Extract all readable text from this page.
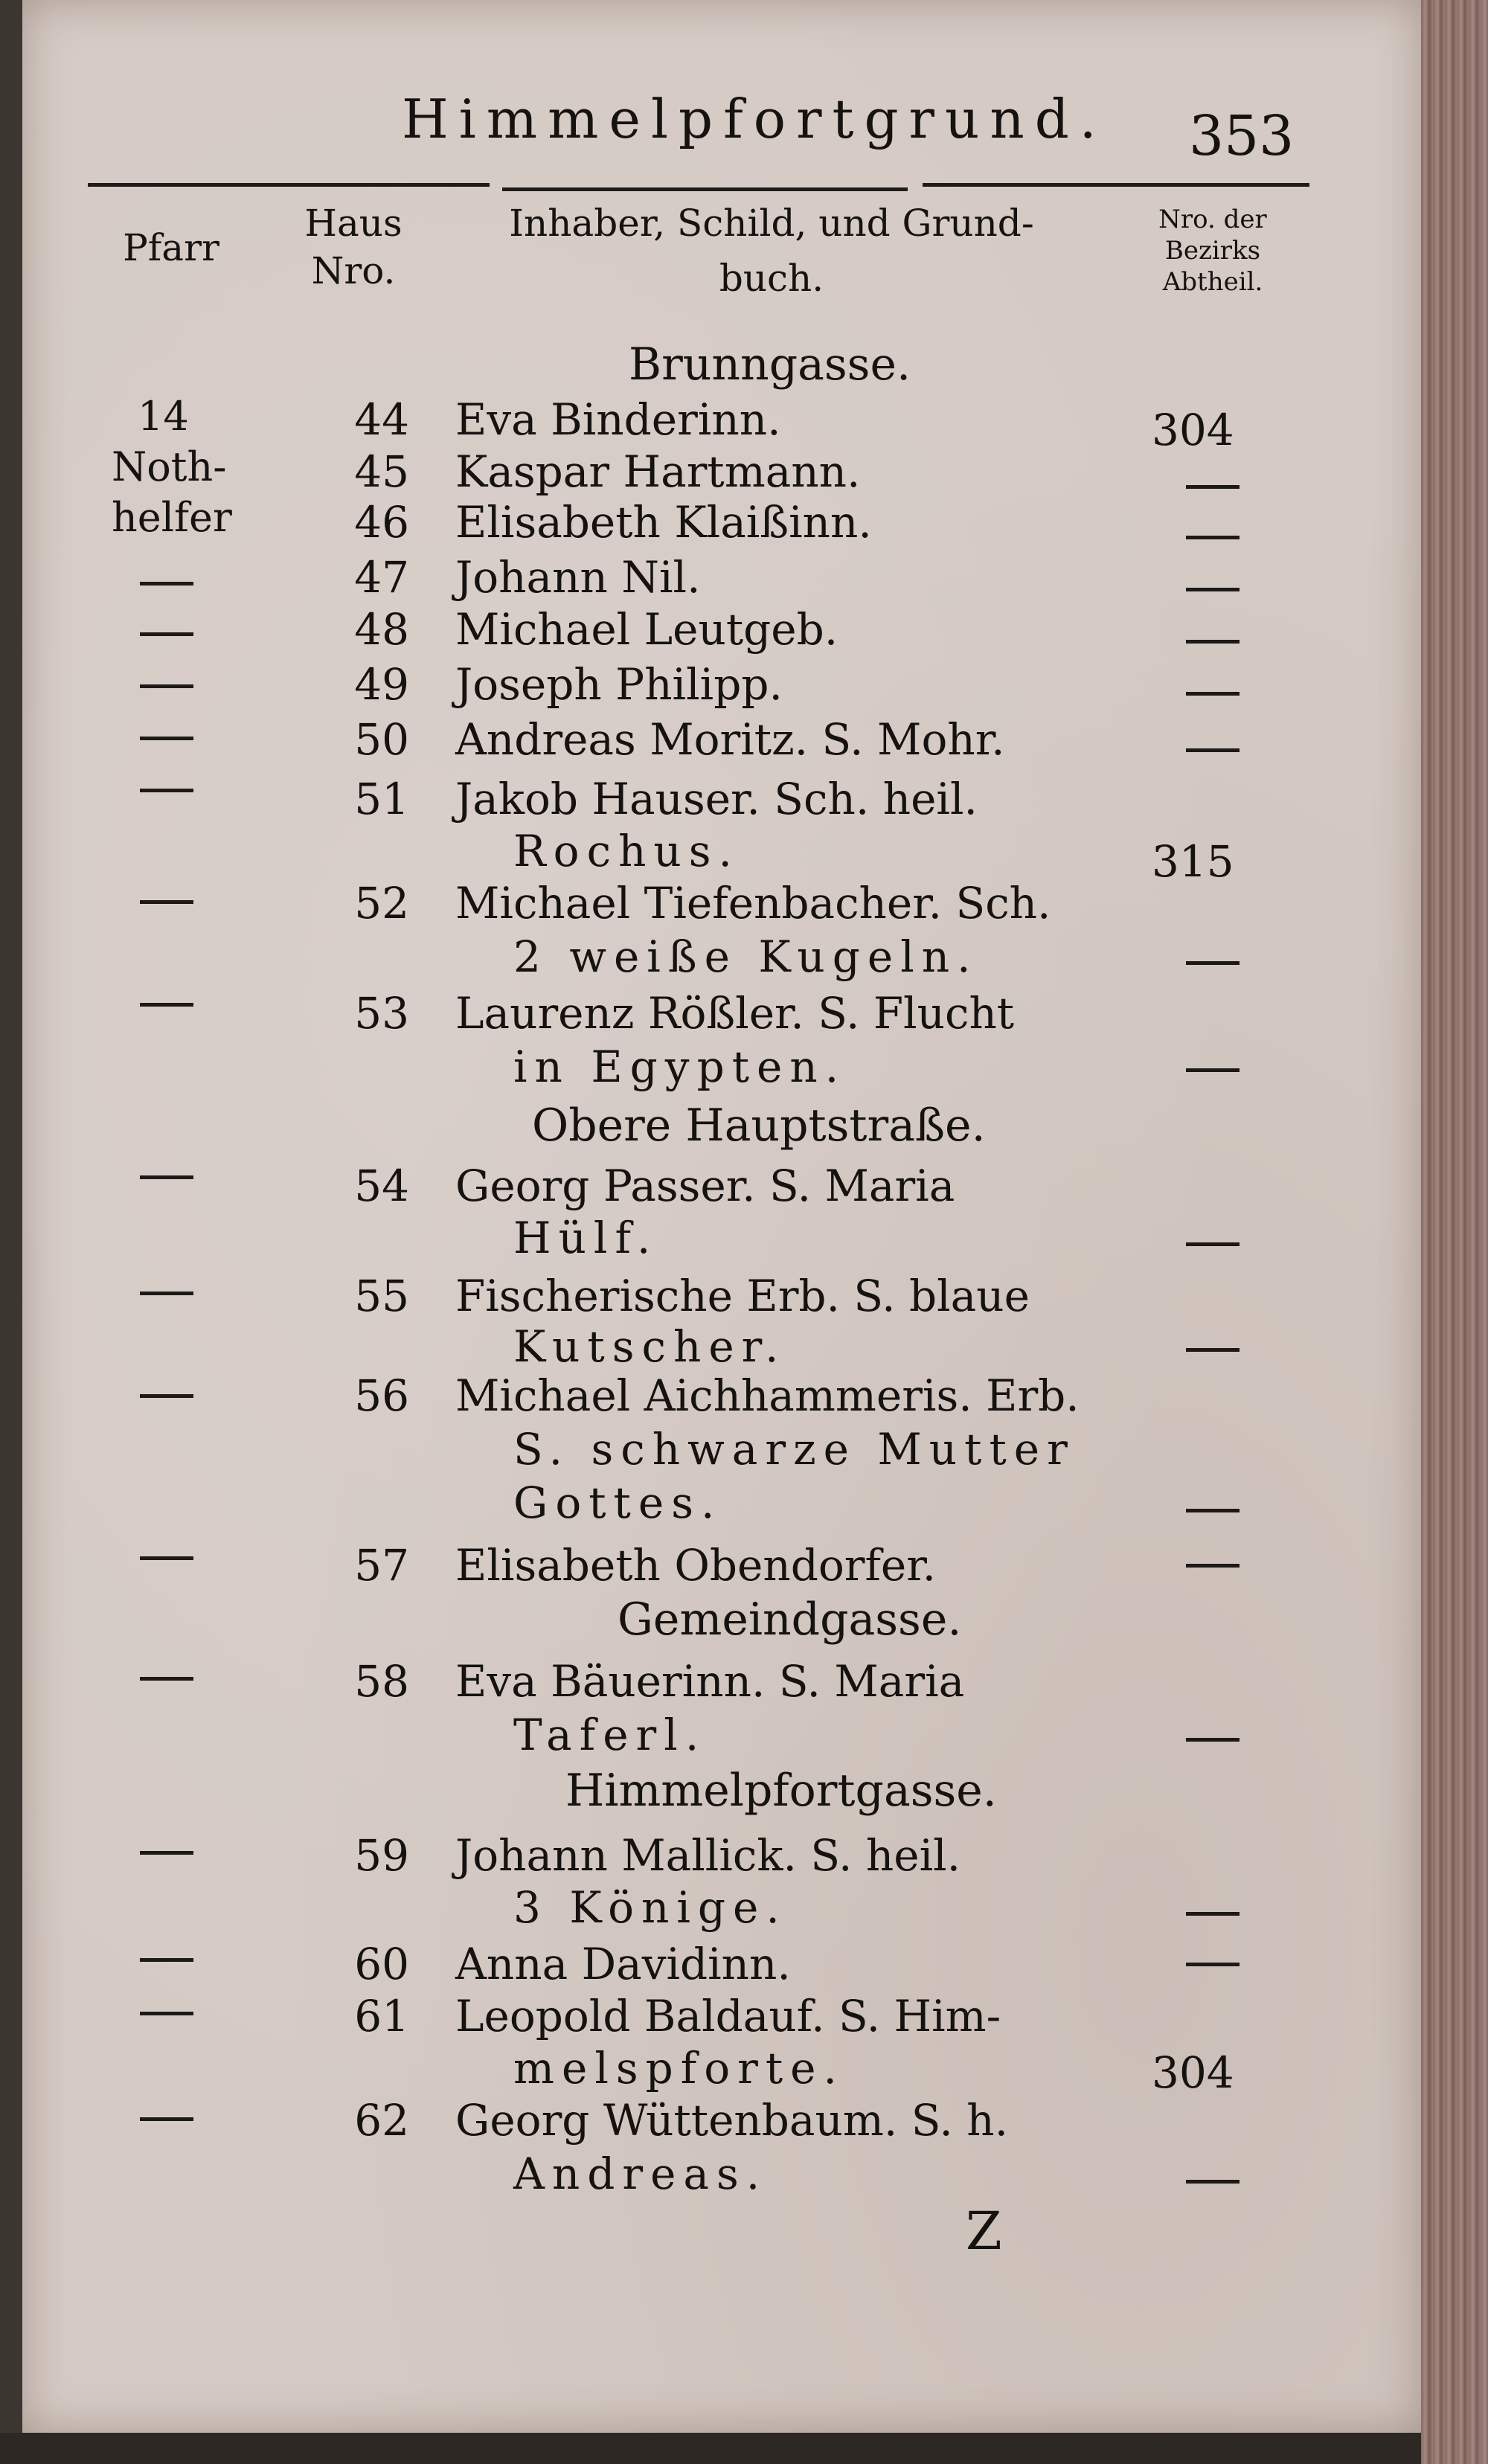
Himmelpfortgrund. 353
Pfarr
Haus
Nro.
Inhaber, Schild, und Grund-
buch.
Nro. der
Bezirks
Abtheil.
14
Noth-
helfer
Brunngasse.
Obere Hauptstraße.
Gemeindgasse.
Himmelpfortgasse.
44
45
46
47
48
49
50
51
52
53
54
55
56
57
58
59
60
61
62
Eva Binderinn.
Kaspar Hartmann.
Elisabeth Klaißinn.
Johann Nil.
Michael Leutgeb.
Joseph Philipp.
Andreas Moritz. S. Mohr.
Jakob Hauser. Sch. heil.
Rochus.
Michael Tiefenbacher. Sch.
2 weiße Kugeln.
Laurenz Rößler. S. Flucht
in Egypten.
Georg Passer. S. Maria
Hülf.
Fischerische Erb. S. blaue
Kutscher.
Michael Aichhammeris. Erb.
S. schwarze Mutter
Gottes.
Elisabeth Obendorfer.
Eva Bäuerinn. S. Maria
Taferl.
Johann Mallick. S. heil.
3 Könige.
Anna Davidinn.
Leopold Baldauf. S. Him-
melspforte.
Georg Wüttenbaum. S. h.
Andreas.
304
315
304
Z
